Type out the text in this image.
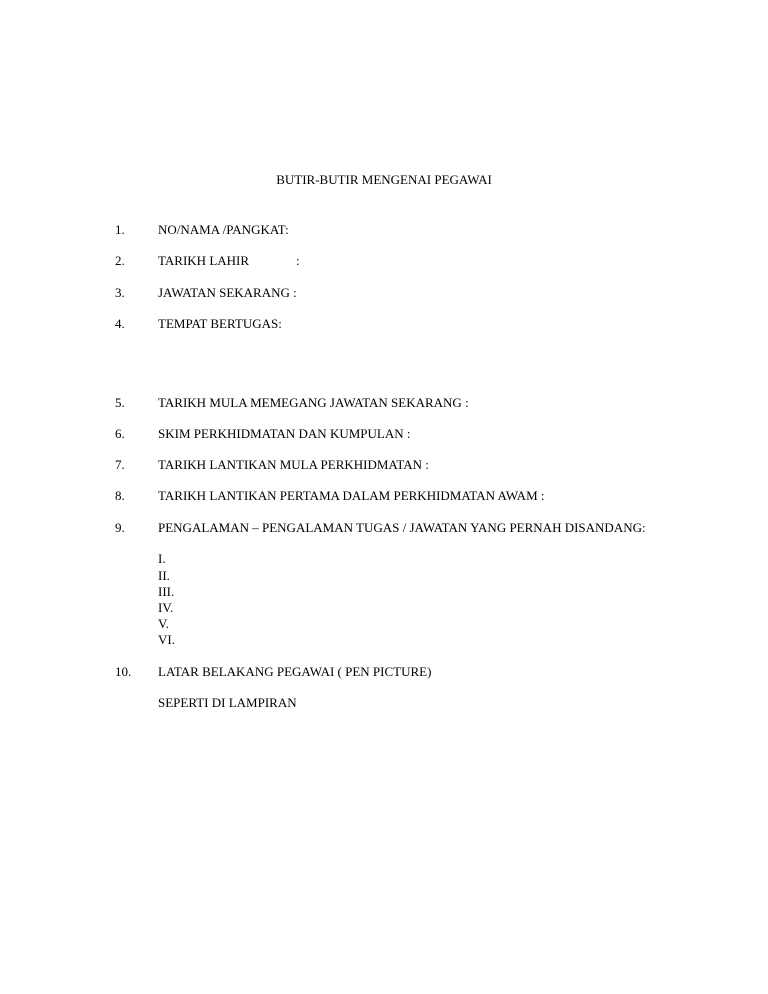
BUTIR-BUTIR MENGENAI PEGAWAI
1.	NO/NAMA /PANGKAT:
2.	TARIKH LAHIR	:
3.	JAWATAN SEKARANG :
4.	TEMPAT BERTUGAS:
5.	TARIKH MULA MEMEGANG JAWATAN SEKARANG :
6.	SKIM PERKHIDMATAN DAN KUMPULAN :
7.	TARIKH LANTIKAN MULA PERKHIDMATAN :
8.	TARIKH LANTIKAN PERTAMA DALAM PERKHIDMATAN AWAM :
9.	PENGALAMAN – PENGALAMAN TUGAS / JAWATAN YANG PERNAH DISANDANG:
I.
II.
III.
IV.
V.
VI.
10. LATAR BELAKANG PEGAWAI ( PEN PICTURE)
SEPERTI DI LAMPIRAN
